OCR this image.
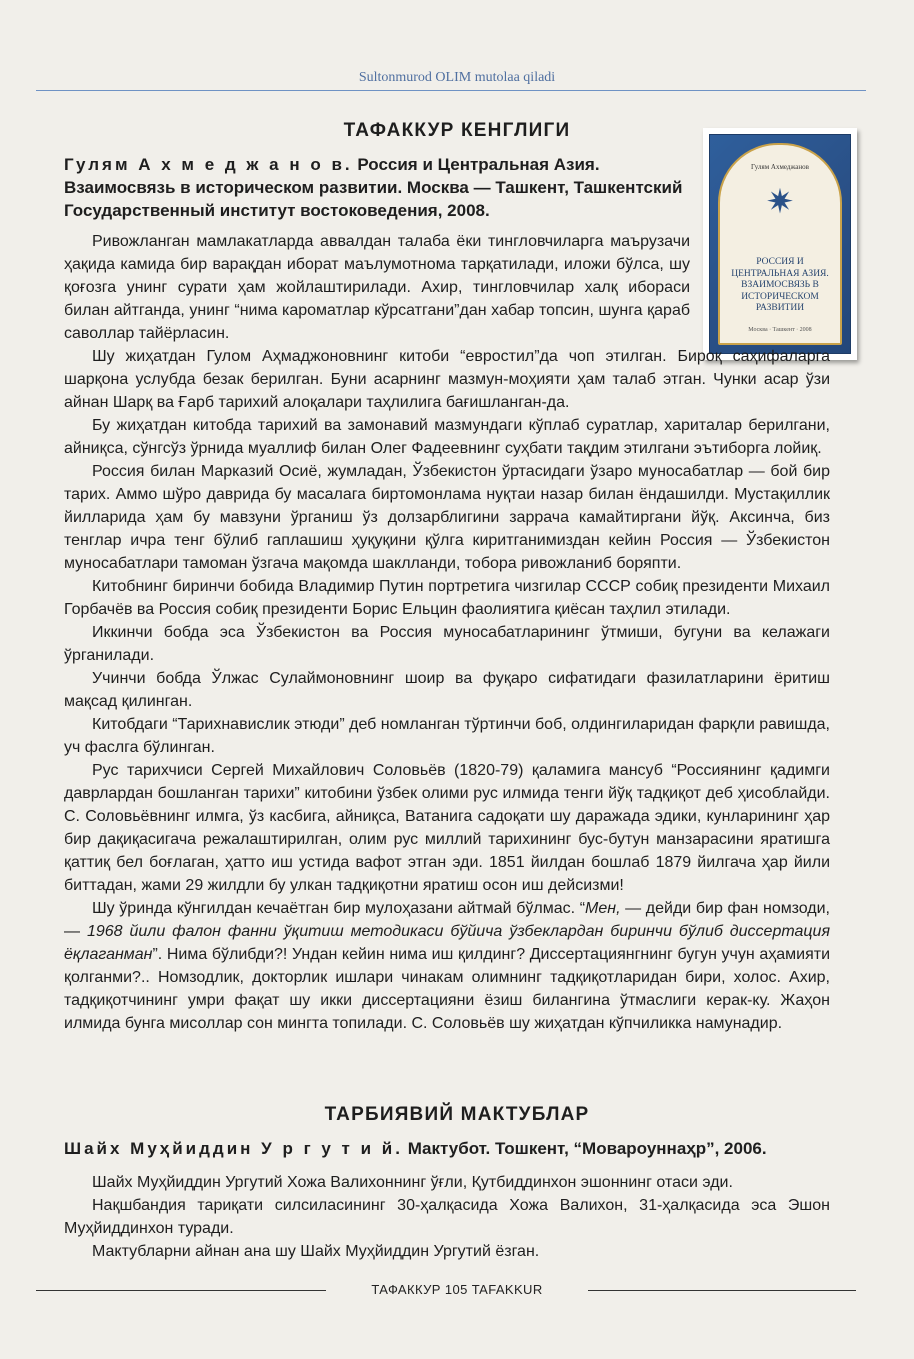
Sultonmurod OLIM mutolaa qiladi
ТАФАККУР КЕНГЛИГИ
Гулям А х м е д ж а н о в. Россия и Центральная Азия. Взаимосвязь в историческом развитии. Москва — Ташкент, Ташкентский Государственный институт востоковедения, 2008.
Гулям Ахмеджанов
✷
РОССИЯ И ЦЕНТРАЛЬНАЯ АЗИЯ. ВЗАИМОСВЯЗЬ В ИСТОРИЧЕСКОМ РАЗВИТИИ
Москва · Ташкент · 2008

Ривожланган мамлакатларда аввалдан талаба ёки тингловчиларга маърузачи ҳақида камида бир варақдан иборат маълумотнома тарқатилади, иложи бўлса, шу қоғозга унинг сурати ҳам жойлаштирилади. Ахир, тингловчилар халқ ибораси билан айтганда, унинг “нима кароматлар кўрсатгани”дан хабар топсин, шунга қараб саволлар тайёрласин.

Шу жиҳатдан Гулом Аҳмаджоновнинг китоби “евростил”да чоп этилган. Бироқ саҳифаларга шарқона услубда безак берилган. Буни асарнинг мазмун-моҳияти ҳам талаб этган. Чунки асар ўзи айнан Шарқ ва Ғарб тарихий алоқалари таҳлилига бағишланган-да.

Бу жиҳатдан китобда тарихий ва замонавий мазмундаги кўплаб суратлар, хариталар берилгани, айниқса, сўнгсўз ўрнида муаллиф билан Олег Фадеевнинг суҳбати тақдим этилгани эътиборга лойиқ.

Россия билан Марказий Осиё, жумладан, Ўзбекистон ўртасидаги ўзаро муносабатлар — бой бир тарих. Аммо шўро даврида бу масалага биртомонлама нуқтаи назар билан ёндашилди. Мустақиллик йилларида ҳам бу мавзуни ўрганиш ўз долзарблигини заррача камайтиргани йўқ. Аксинча, биз тенглар ичра тенг бўлиб гаплашиш ҳуқуқини қўлга киритганимиздан кейин Россия — Ўзбекистон муносабатлари тамоман ўзгача мақомда шаклланди, тобора ривожланиб боряпти.

Китобнинг биринчи бобида Владимир Путин портретига чизгилар СССР собиқ президенти Михаил Горбачёв ва Россия собиқ президенти Борис Ельцин фаолиятига қиёсан таҳлил этилади.

Иккинчи бобда эса Ўзбекистон ва Россия муносабатларининг ўтмиши, бугуни ва келажаги ўрганилади.

Учинчи бобда Ўлжас Сулаймоновнинг шоир ва фуқаро сифатидаги фазилатларини ёритиш мақсад қилинган.

Китобдаги “Тарихнавислик этюди” деб номланган тўртинчи боб, олдингиларидан фарқли равишда, уч фаслга бўлинган.

Рус тарихчиси Сергей Михайлович Соловьёв (1820-79) қаламига мансуб “Россиянинг қадимги даврлардан бошланган тарихи” китобини ўзбек олими рус илмида тенги йўқ тадқиқот деб ҳисоблайди. С. Соловьёвнинг илмга, ўз касбига, айниқса, Ватанига садоқати шу даражада эдики, кунларининг ҳар бир дақиқасигача режалаштирилган, олим рус миллий тарихининг бус-бутун манзарасини яратишга қаттиқ бел боғлаган, ҳатто иш устида вафот этган эди. 1851 йилдан бошлаб 1879 йилгача ҳар йили биттадан, жами 29 жилдли бу улкан тадқиқотни яратиш осон иш дейсизми!

Шу ўринда кўнгилдан кечаётган бир мулоҳазани айтмай бўлмас. “Мен, — дейди бир фан номзоди, — 1968 йили фалон фанни ўқитиш методикаси бўйича ўзбеклардан биринчи бўлиб диссертация ёқлаганман”. Нима бўлибди?! Ундан кейин нима иш қилдинг? Диссертациянгнинг бугун учун аҳамияти қолганми?.. Номзодлик, докторлик ишлари чинакам олимнинг тадқиқотларидан бири, холос. Ахир, тадқиқотчининг умри фақат шу икки диссертацияни ёзиш билангина ўтмаслиги керак-ку. Жаҳон илмида бунга мисоллар сон мингта топилади. С. Соловьёв шу жиҳатдан кўпчиликка намунадир.

ТАРБИЯВИЙ МАКТУБЛАР
Шайх Муҳйиддин У р г у т и й. Мактубот. Тошкент, “Мовароуннаҳр”, 2006.

Шайх Муҳйиддин Ургутий Хожа Валихоннинг ўғли, Қутбиддинхон эшоннинг отаси эди.

Нақшбандия тариқати силсиласининг 30-ҳалқасида Хожа Валихон, 31-ҳалқасида эса Эшон Муҳйиддинхон туради.

Мактубларни айнан ана шу Шайх Муҳйиддин Ургутий ёзган.

ТАФАККУР 105 TAFAKKUR
